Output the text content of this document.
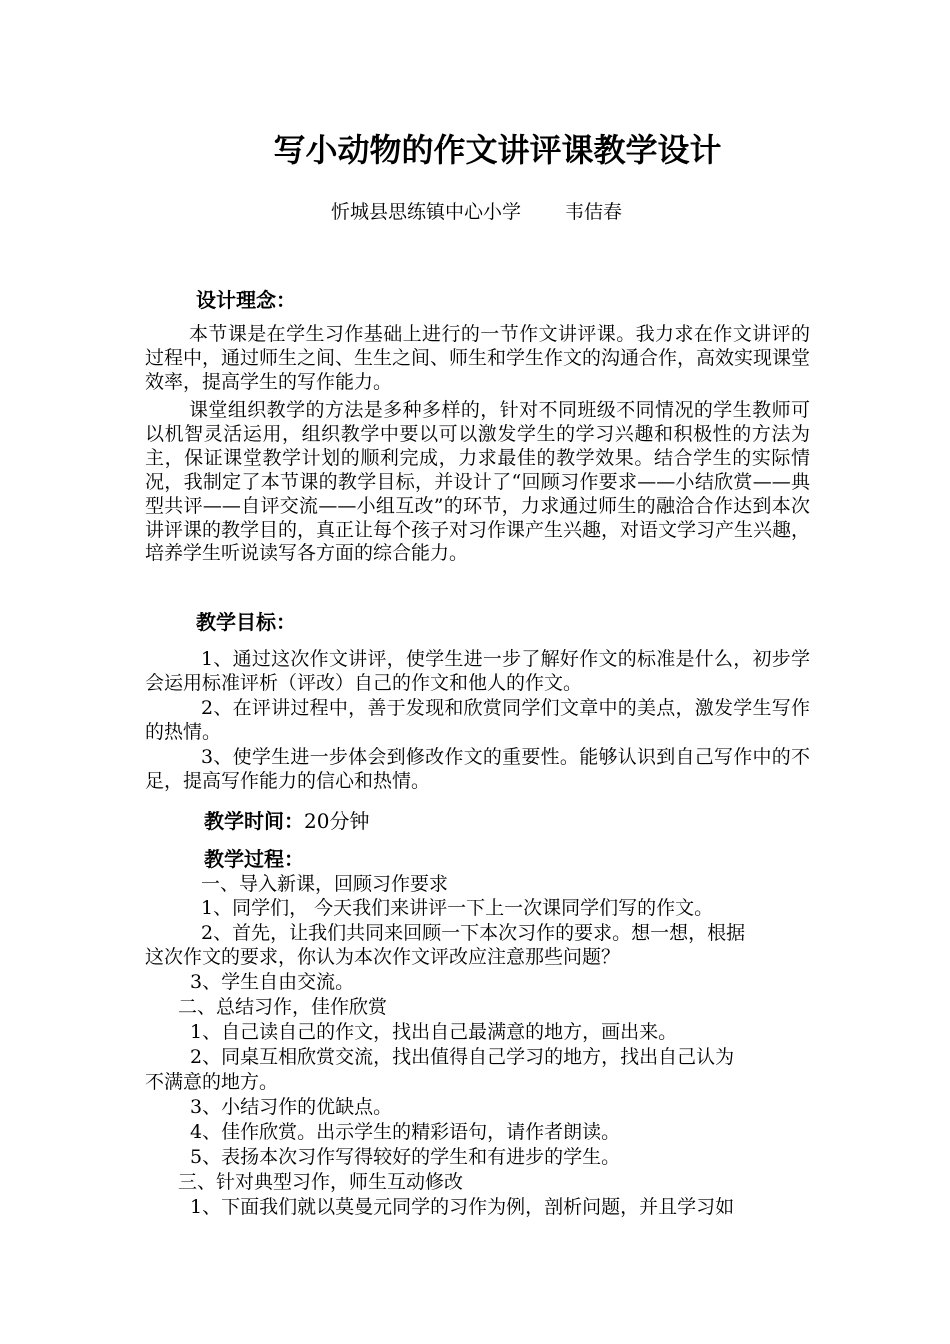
写小动物的作文讲评课教学设计
忻城县思练镇中心小学 韦佶春
设计理念：
本节课是在学生习作基础上进行的一节作文讲评课。我力求在作文讲评的过程中，通过师生之间、生生之间、师生和学生作文的沟通合作，高效实现课堂效率，提高学生的写作能力。
课堂组织教学的方法是多种多样的，针对不同班级不同情况的学生教师可以机智灵活运用，组织教学中要以可以激发学生的学习兴趣和积极性的方法为主，保证课堂教学计划的顺利完成，力求最佳的教学效果。结合学生的实际情况，我制定了本节课的教学目标，并设计了“回顾习作要求——小结欣赏——典型共评——自评交流——小组互改”的环节，力求通过师生的融洽合作达到本次讲评课的教学目的，真正让每个孩子对习作课产生兴趣，对语文学习产生兴趣，培养学生听说读写各方面的综合能力。
教学目标：
1、通过这次作文讲评，使学生进一步了解好作文的标准是什么，初步学会运用标准评析（评改）自己的作文和他人的作文。
2、在评讲过程中，善于发现和欣赏同学们文章中的美点，激发学生写作的热情。
3、使学生进一步体会到修改作文的重要性。能够认识到自己写作中的不足，提高写作能力的信心和热情。
教学时间：20分钟
教学过程：
一、导入新课，回顾习作要求
1、同学们， 今天我们来讲评一下上一次课同学们写的作文。
2、首先，让我们共同来回顾一下本次习作的要求。想一想，根据
这次作文的要求，你认为本次作文评改应注意那些问题？
3、学生自由交流。
二、总结习作，佳作欣赏
1、自己读自己的作文，找出自己最满意的地方，画出来。
2、同桌互相欣赏交流，找出值得自己学习的地方，找出自己认为
不满意的地方。
3、小结习作的优缺点。
4、佳作欣赏。出示学生的精彩语句，请作者朗读。
5、表扬本次习作写得较好的学生和有进步的学生。
三、针对典型习作，师生互动修改
1、下面我们就以莫曼元同学的习作为例，剖析问题，并且学习如
